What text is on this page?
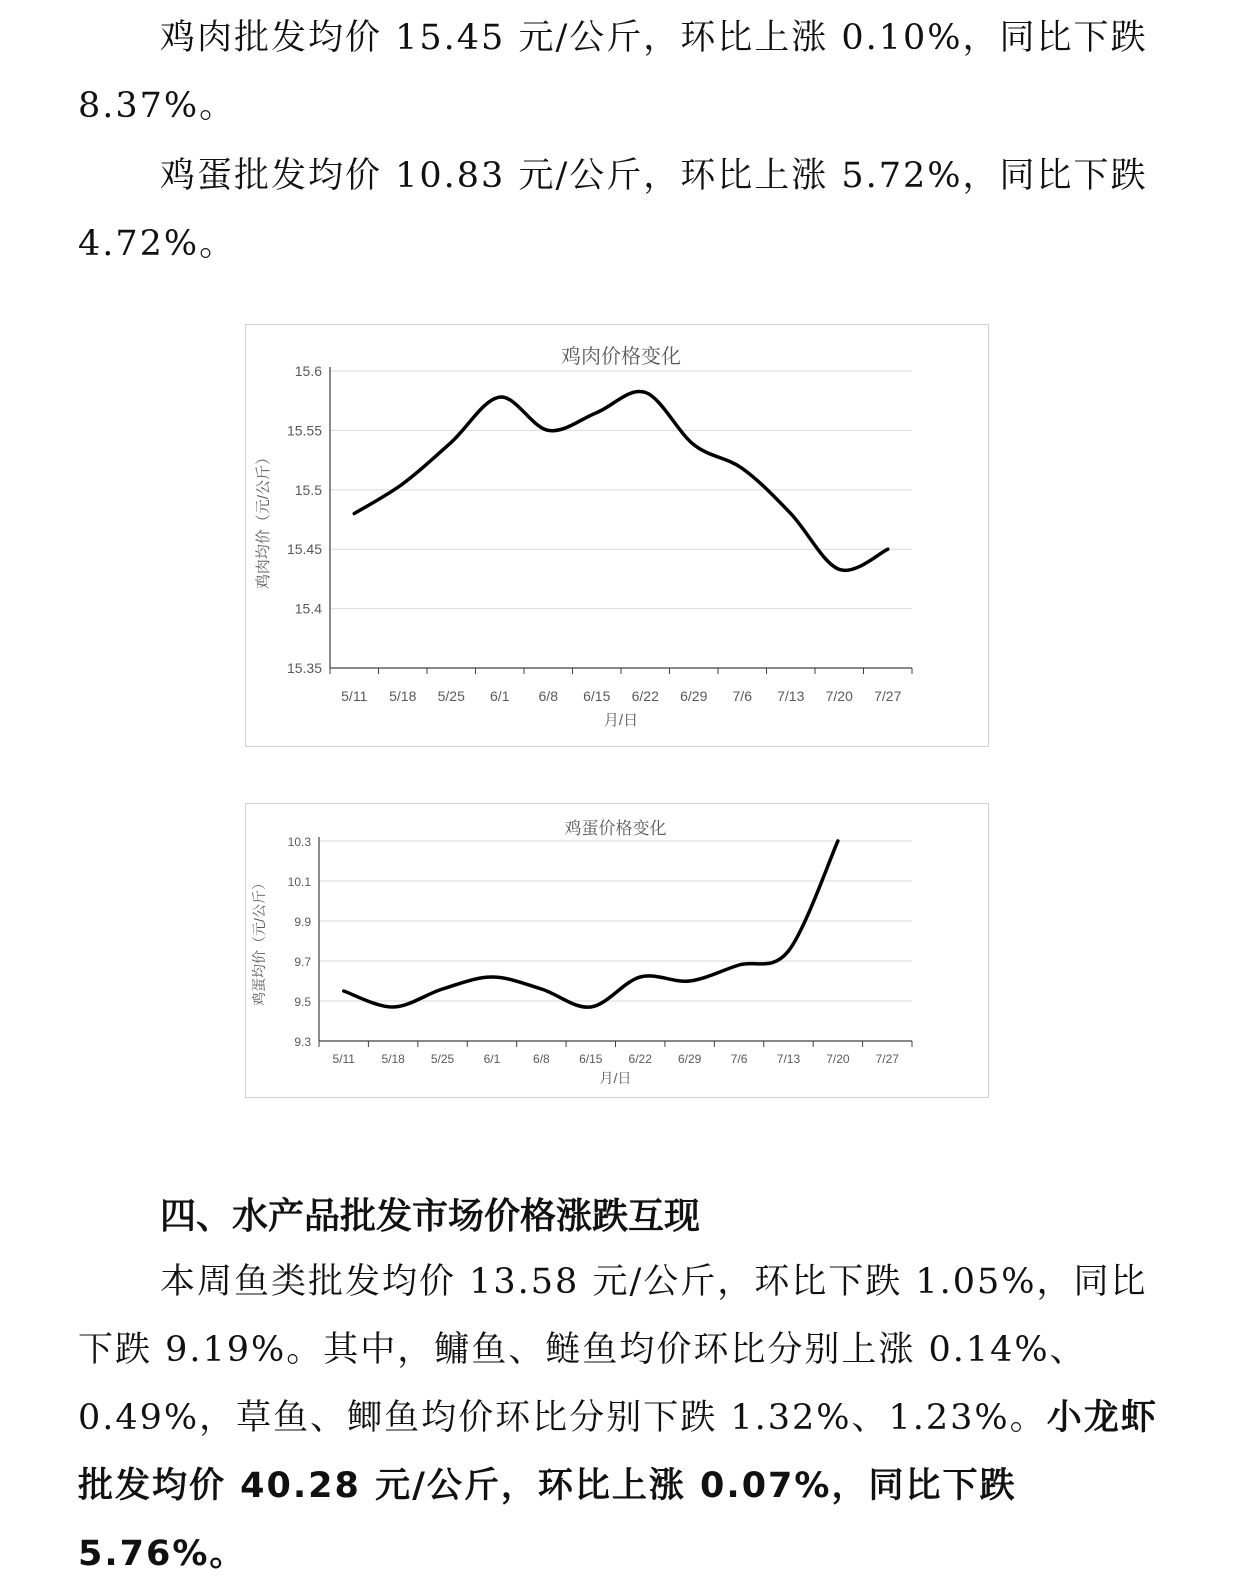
鸡肉批发均价 15.45 元/公斤，环比上涨 0.10%，同比下跌 8.37%。

鸡蛋批发均价 10.83 元/公斤，环比上涨 5.72%，同比下跌 4.72%。

鸡肉价格变化
15.35
15.4
15.45
15.5
15.55
15.6
5/11 5/18 5/25 6/1 6/8 6/15 6/22 6/29 7/6 7/13 7/20 7/27
月/日
鸡肉均价（元/公斤）
鸡蛋价格变化
9.3
9.5
9.7
9.9
10.1
10.3
5/11 5/18 5/25 6/1	6/8 6/15 6/22 6/29 7/6 7/13 7/20 7/27
月/日
鸡蛋均价（元/公斤）
四、水产品批发市场价格涨跌互现

本周鱼类批发均价 13.58 元/公斤，环比下跌 1.05%，同比下跌 9.19%。其中，鳙鱼、鲢鱼均价环比分别上涨 0.14%、0.49%，草鱼、鲫鱼均价环比分别下跌 1.32%、1.23%。小龙虾批发均价 40.28 元/公斤，环比上涨 0.07%，同比下跌 5.76%。
